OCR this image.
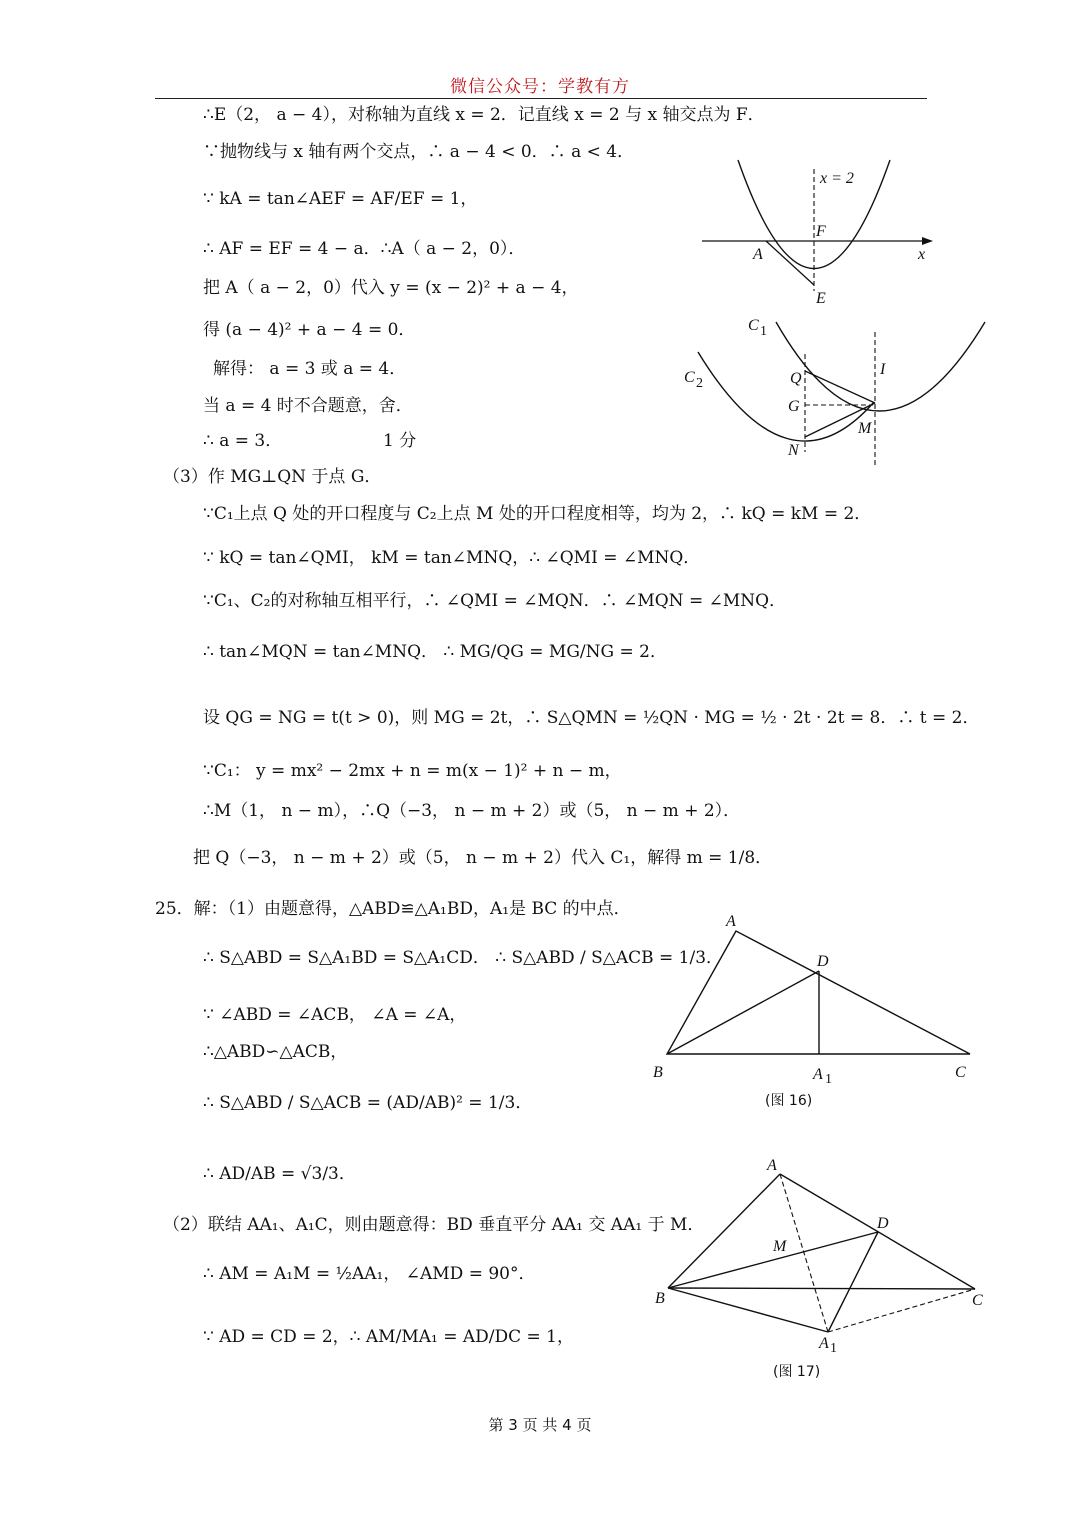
微信公众号：学教有方
∴E（2， a − 4），对称轴为直线 x = 2．记直线 x = 2 与 x 轴交点为 F．
∵抛物线与 x 轴有两个交点，∴ a − 4 < 0．∴ a < 4．
∵ kA = tan∠AEF = AF/EF = 1，
∴ AF = EF = 4 − a．∴A（ a − 2，0）．
把 A（ a − 2，0）代入 y = (x − 2)² + a − 4，
得 (a − 4)² + a − 4 = 0．
解得： a = 3 或 a = 4．
当 a = 4 时不合题意，舍．
∴ a = 3．	1 分
（3）作 MG⊥QN 于点 G．
∵C₁上点 Q 处的开口程度与 C₂上点 M 处的开口程度相等，均为 2，∴ kQ = kM = 2．
∵ kQ = tan∠QMI， kM = tan∠MNQ，∴ ∠QMI = ∠MNQ．
∵C₁、C₂的对称轴互相平行，∴ ∠QMI = ∠MQN．∴ ∠MQN = ∠MNQ．
∴ tan∠MQN = tan∠MNQ． ∴ MG/QG = MG/NG = 2．
设 QG = NG = t(t > 0)，则 MG = 2t，∴ S△QMN = ½QN · MG = ½ · 2t · 2t = 8．∴ t = 2．
∵C₁： y = mx² − 2mx + n = m(x − 1)² + n − m，
∴M（1， n − m），∴Q（−3， n − m + 2）或（5， n − m + 2）．
把 Q（−3， n − m + 2）或（5， n − m + 2）代入 C₁，解得 m = 1/8．
25．解：（1）由题意得，△ABD≌△A₁BD，A₁是 BC 的中点．
∴ S△ABD = S△A₁BD = S△A₁CD． ∴ S△ABD / S△ACB = 1/3．
∵ ∠ABD = ∠ACB， ∠A = ∠A，
∴△ABD∽△ACB，
∴ S△ABD / S△ACB = (AD/AB)² = 1/3．
∴ AD/AB = √3/3．
（2）联结 AA₁、A₁C，则由题意得：BD 垂直平分 AA₁ 交 AA₁ 于 M．
∴ AM = A₁M = ½AA₁， ∠AMD = 90°．
∵ AD = CD = 2，∴ AM/MA₁ = AD/DC = 1，
x
x = 2
A
F
E
C 1
C 2	Q
I
G
M
N
A
D
B	A 1	C
(图 16)
A
D
M
B	C
A 1
(图 17)
第 3 页 共 4 页
